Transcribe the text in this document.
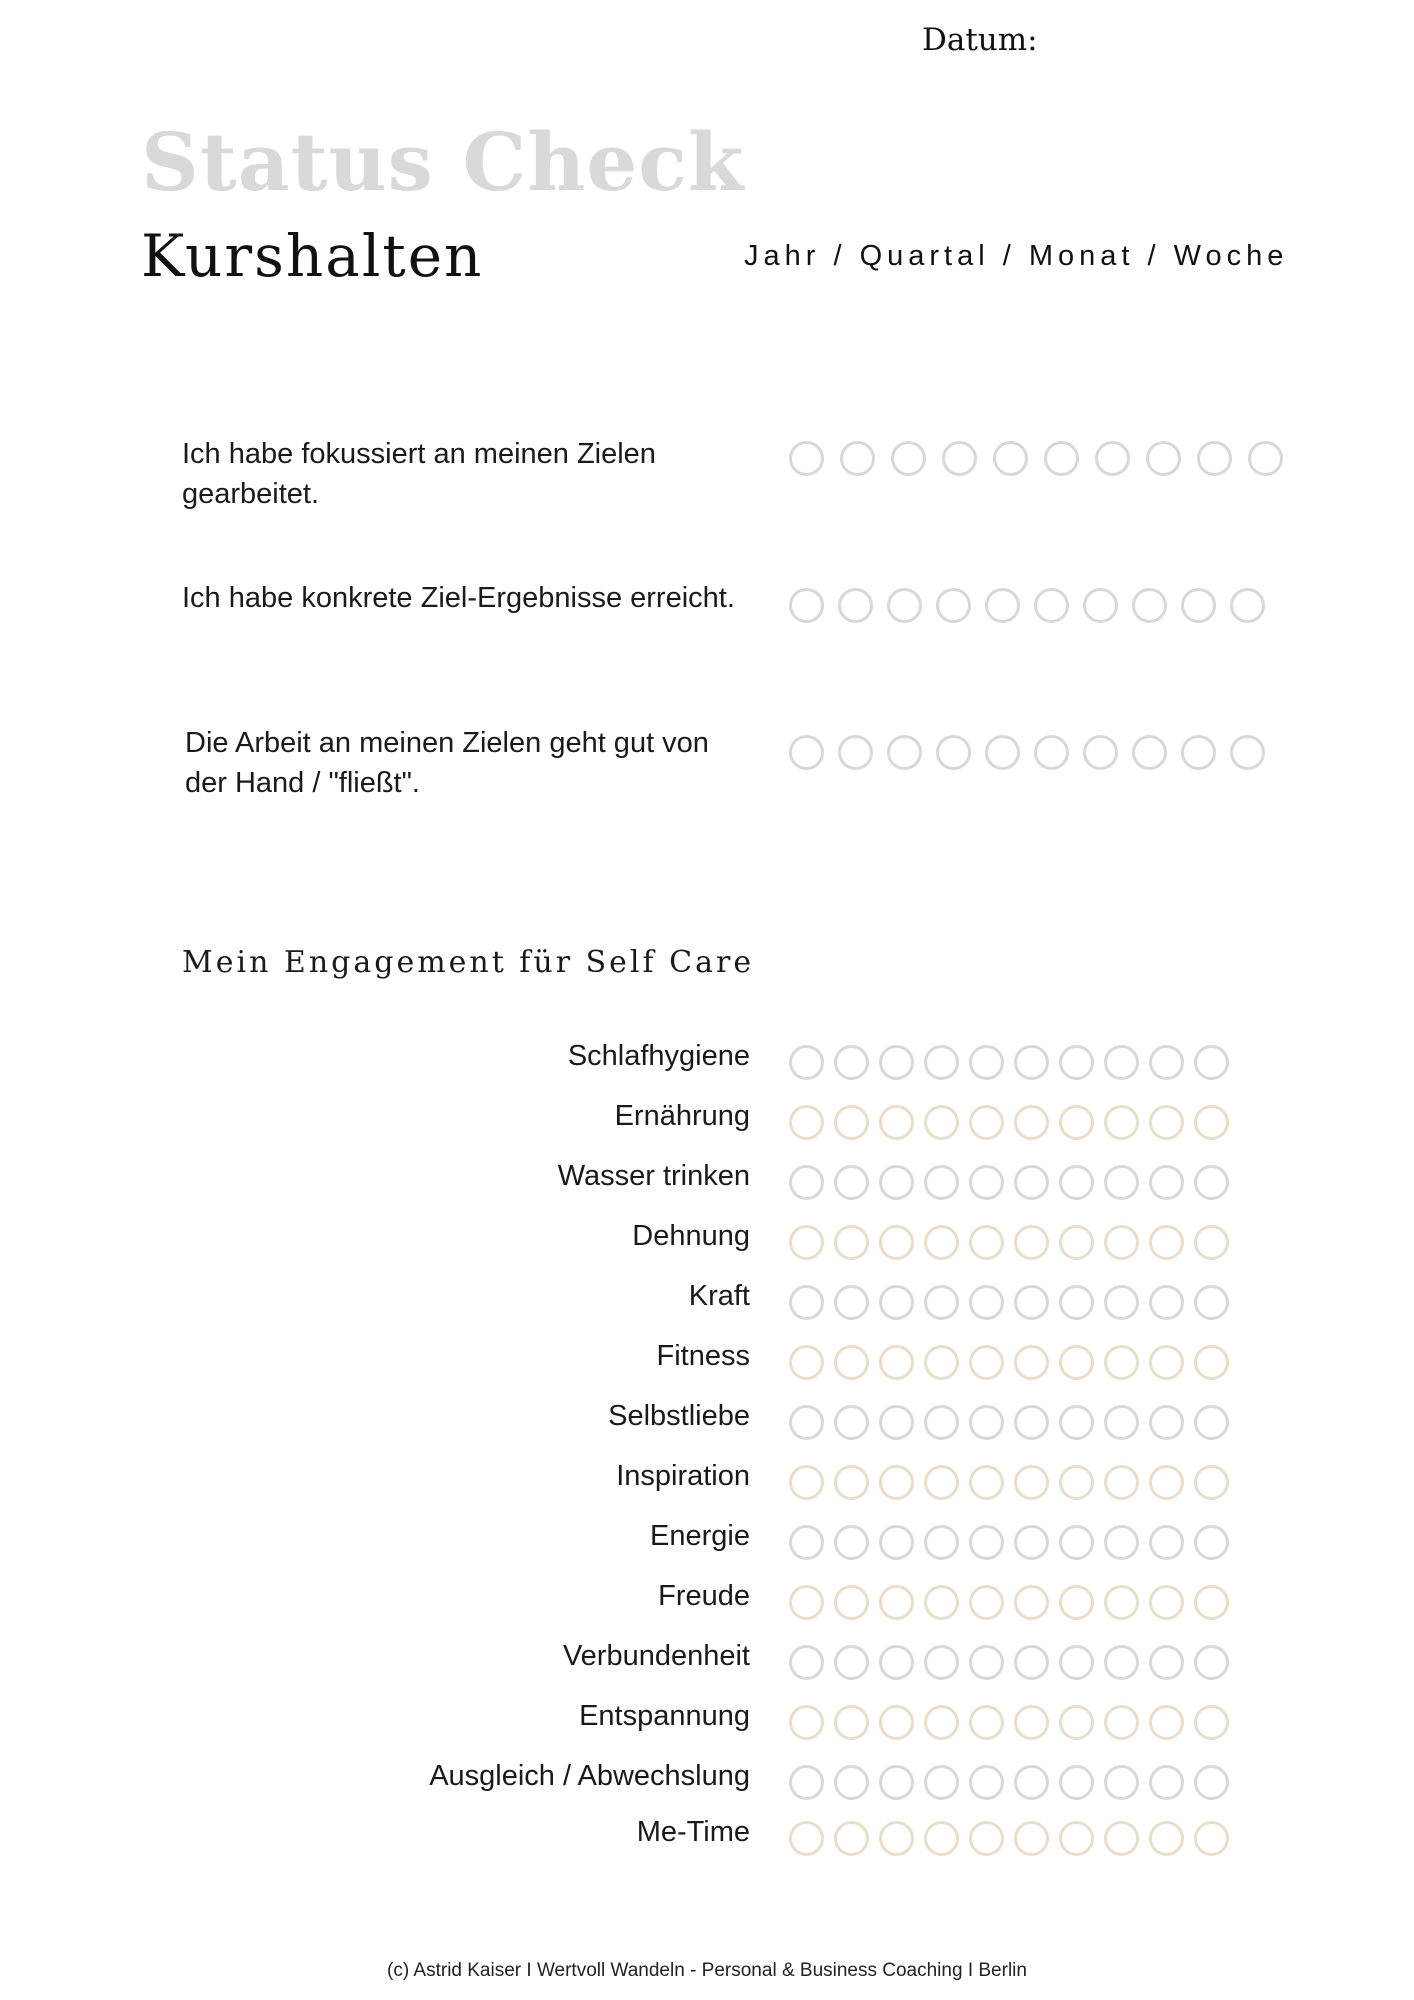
Datum:
Status Check
Kurshalten	Jahr / Quartal / Monat / Woche
Ich habe fokussiert an meinen Zielen gearbeitet.
Ich habe konkrete Ziel-Ergebnisse erreicht.
Die Arbeit an meinen Zielen geht gut von der Hand / "fließt".
Mein Engagement für Self Care
Schlafhygiene
Ernährung
Wasser trinken
Dehnung
Kraft
Fitness
Selbstliebe
Inspiration
Energie
Freude
Verbundenheit
Entspannung
Ausgleich / Abwechslung
Me-Time
(c) Astrid Kaiser I Wertvoll Wandeln - Personal & Business Coaching I Berlin
